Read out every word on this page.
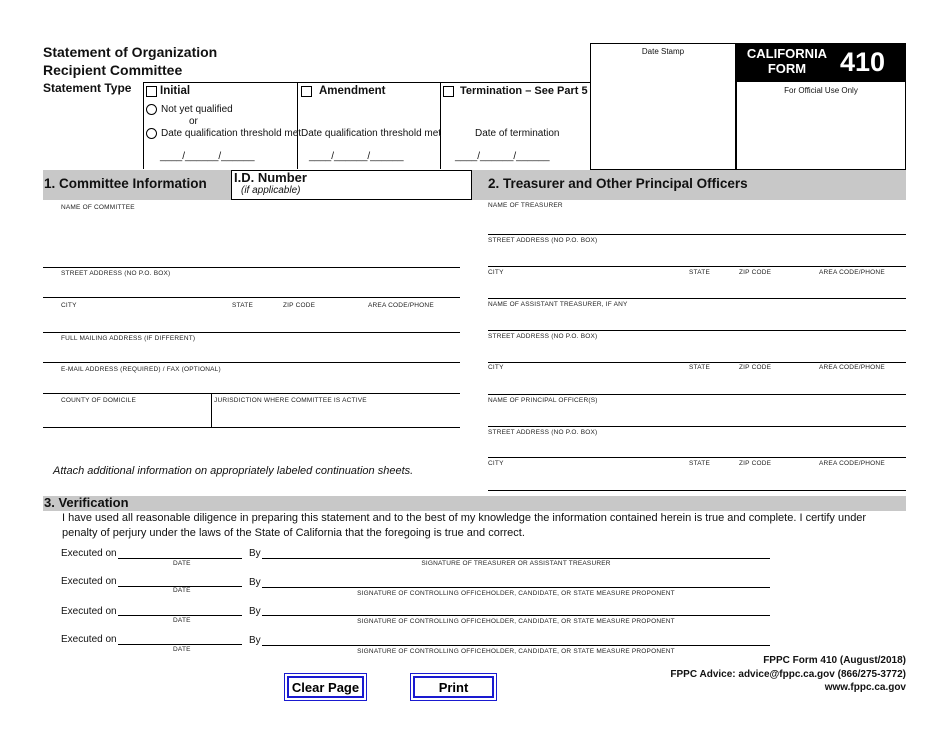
Statement of Organization
Recipient Committee
Statement Type Initial
Not yet qualified
or
Date qualification threshold met
____/______/______
Amendment
Date qualification threshold met
____/______/______
Termination – See Part 5
Date of termination
____/______/______
Date Stamp	CALIFORNIA
FORM	410
For Official Use Only
1. Committee Information I.D. Number
(if applicable)
NAME OF COMMITTEE
STREET ADDRESS (NO P.O. BOX)
CITY	STATE	ZIP CODE	AREA CODE/PHONE
FULL MAILING ADDRESS (IF DIFFERENT)
E-MAIL ADDRESS (REQUIRED) / FAX (OPTIONAL)
COUNTY OF DOMICILE	JURISDICTION WHERE COMMITTEE IS ACTIVE
Attach additional information on appropriately labeled continuation sheets.
2. Treasurer and Other Principal Officers
NAME OF TREASURER
STREET ADDRESS (NO P.O. BOX)
CITY	STATE	ZIP CODE	AREA CODE/PHONE
NAME OF ASSISTANT TREASURER, IF ANY
STREET ADDRESS (NO P.O. BOX)
CITY	STATE	ZIP CODE	AREA CODE/PHONE
NAME OF PRINCIPAL OFFICER(S)
STREET ADDRESS (NO P.O. BOX)
CITY	STATE	ZIP CODE	AREA CODE/PHONE
3. Verification
I have used all reasonable diligence in preparing this statement and to the best of my knowledge the information contained herein is true and complete. I certify under penalty of perjury under the laws of the State of California that the foregoing is true and correct.
Executed on
DATE
By
SIGNATURE OF TREASURER OR ASSISTANT TREASURER
Executed on
DATE
By
SIGNATURE OF CONTROLLING OFFICEHOLDER, CANDIDATE, OR STATE MEASURE PROPONENT
Executed on
DATE
By
SIGNATURE OF CONTROLLING OFFICEHOLDER, CANDIDATE, OR STATE MEASURE PROPONENT
Executed on
DATE
By
SIGNATURE OF CONTROLLING OFFICEHOLDER, CANDIDATE, OR STATE MEASURE PROPONENT
Clear Page	Print
FPPC Form 410 (August/2018)
FPPC Advice: advice@fppc.ca.gov (866/275-3772)
www.fppc.ca.gov
